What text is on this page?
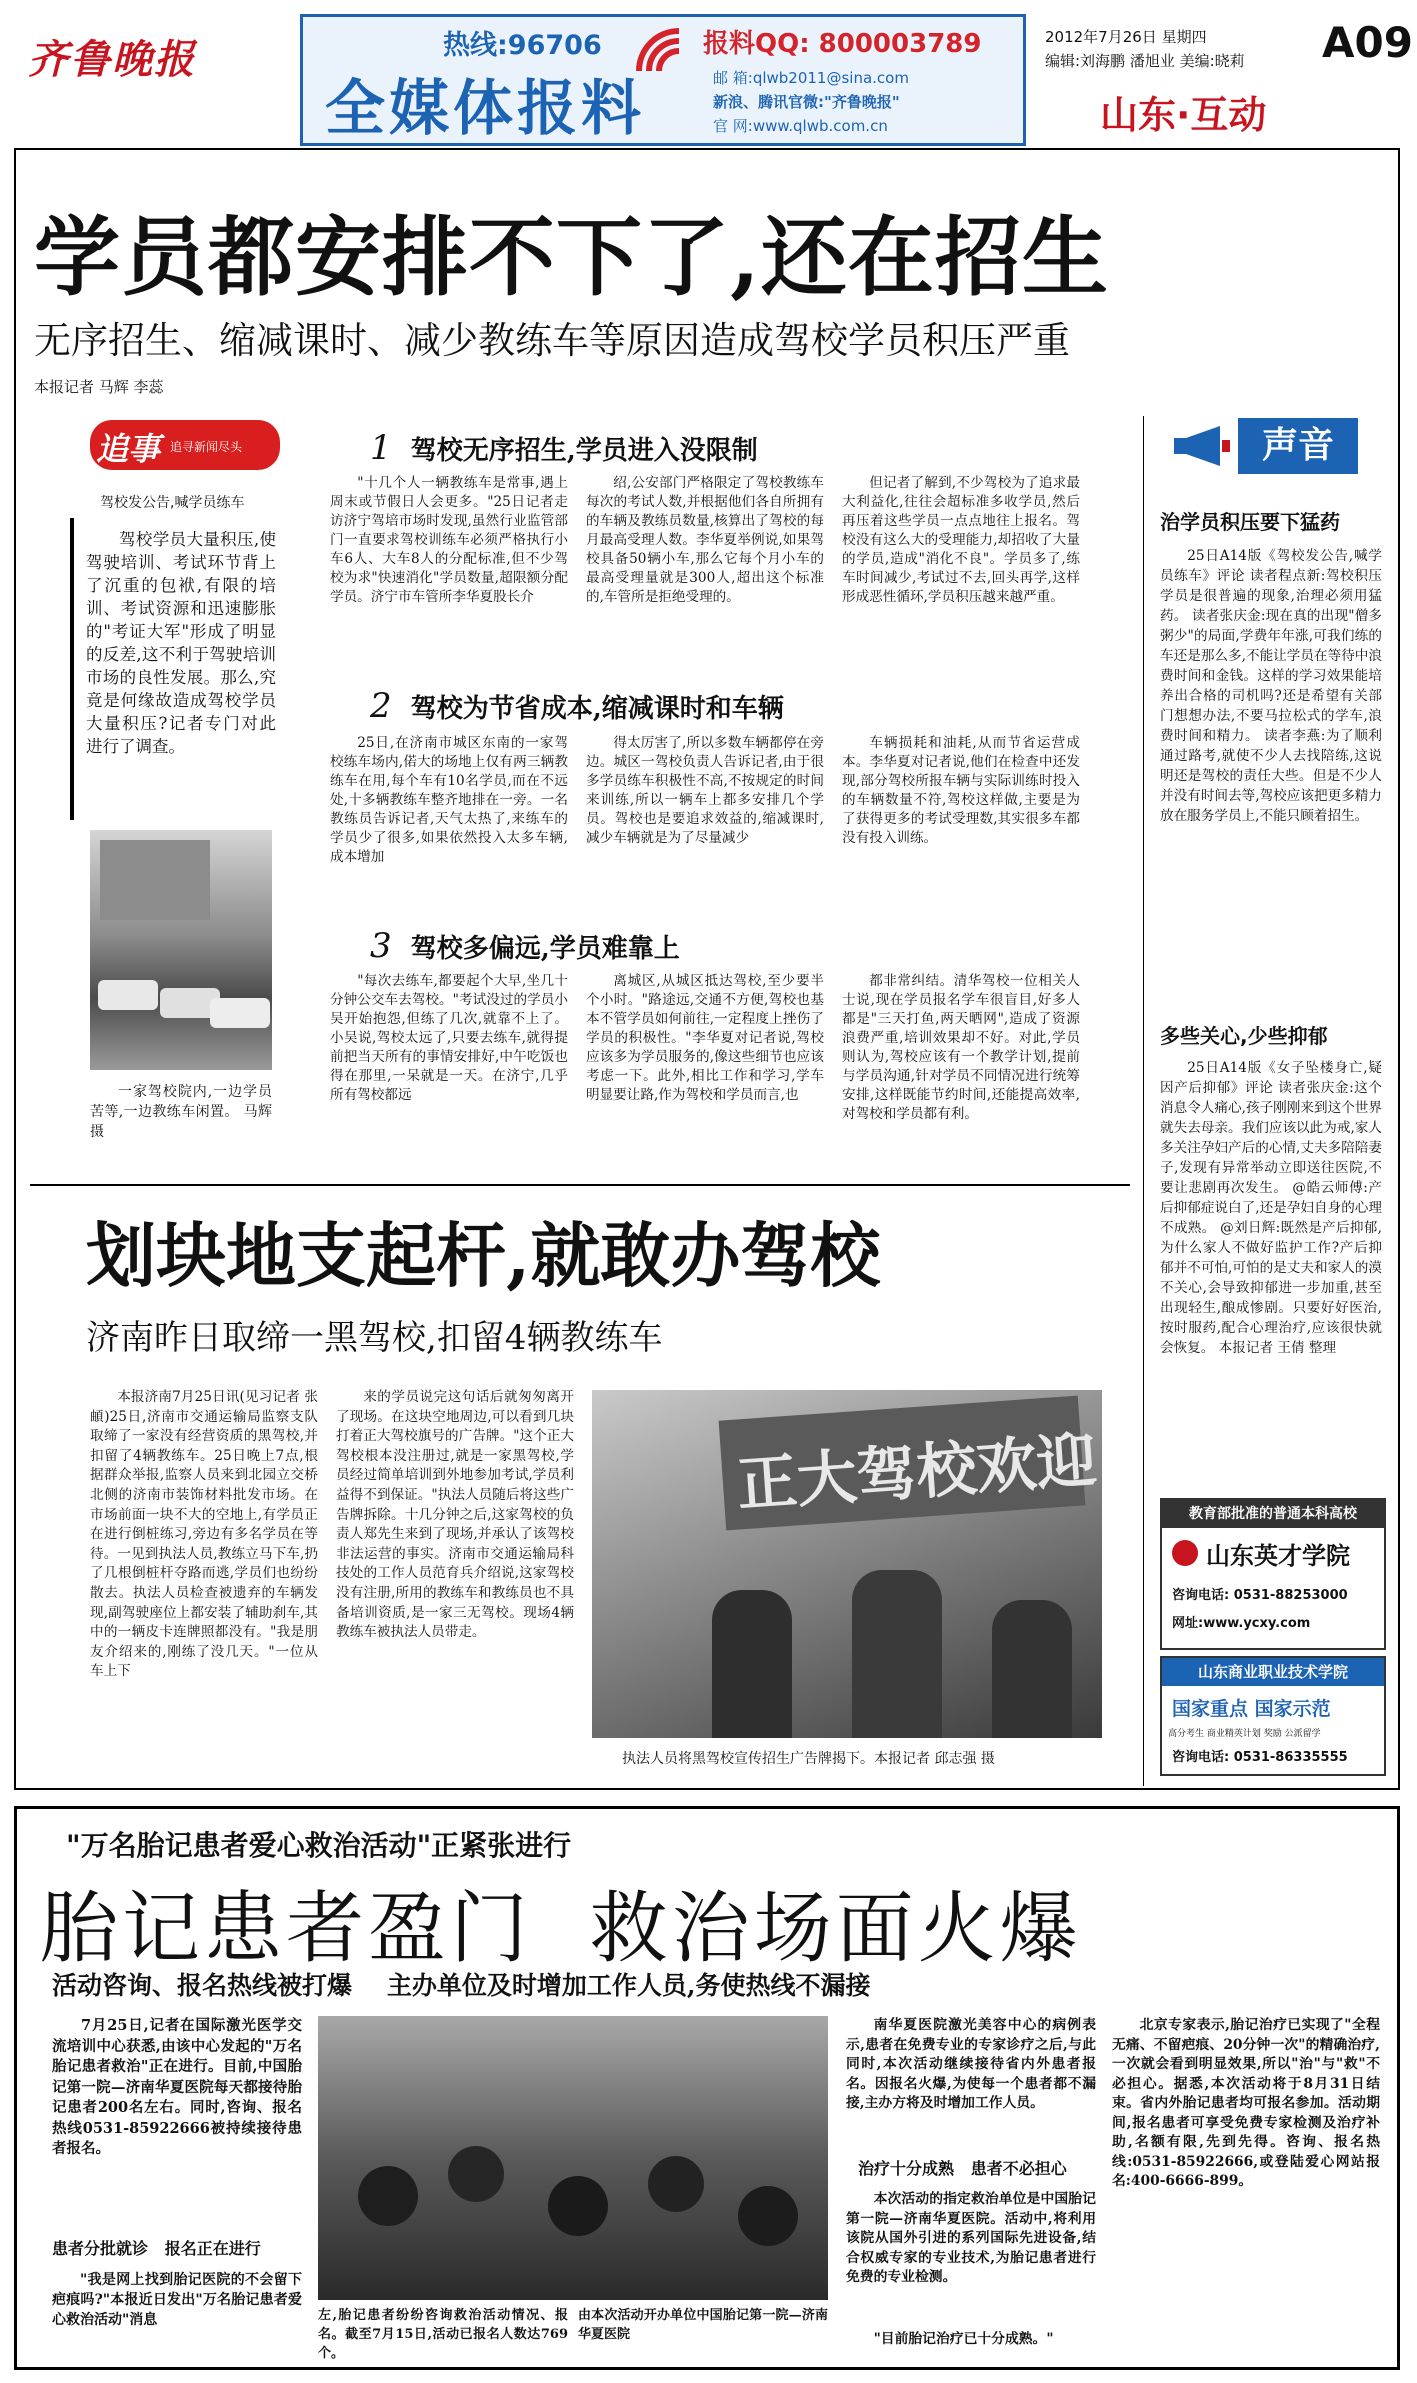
齐鲁晚报	热线:96706
全媒体报料
报料QQ: 800003789
邮 箱:qlwb2011@sina.com
新浪、腾讯官微:"齐鲁晚报"
官 网:www.qlwb.com.cn
2012年7月26日 星期四
编辑:刘海鹏 潘旭业 美编:晓莉 A09
山东·互动
学员都安排不下了,还在招生
无序招生、缩减课时、减少教练车等原因造成驾校学员积压严重
本报记者 马辉 李蕊
追事 追寻新闻尽头
驾校发公告,喊学员练车
驾校学员大量积压,使驾驶培训、考试环节背上了沉重的包袱,有限的培训、考试资源和迅速膨胀的"考证大军"形成了明显的反差,这不利于驾驶培训市场的良性发展。那么,究竟是何缘故造成驾校学员大量积压?记者专门对此进行了调查。
一家驾校院内,一边学员苦等,一边教练车闲置。 马辉 摄
1 驾校无序招生,学员进入没限制
"十几个人一辆教练车是常事,遇上周末或节假日人会更多。"25日记者走访济宁驾培市场时发现,虽然行业监管部门一直要求驾校训练车必须严格执行小车6人、大车8人的分配标准,但不少驾校为求"快速消化"学员数量,超限额分配学员。济宁市车管所李华夏股长介
绍,公安部门严格限定了驾校教练车每次的考试人数,并根据他们各自所拥有的车辆及教练员数量,核算出了驾校的每月最高受理人数。李华夏举例说,如果驾校具备50辆小车,那么它每个月小车的最高受理量就是300人,超出这个标准的,车管所是拒绝受理的。
但记者了解到,不少驾校为了追求最大利益化,往往会超标准多收学员,然后再压着这些学员一点点地往上报名。驾校没有这么大的受理能力,却招收了大量的学员,造成"消化不良"。学员多了,练车时间减少,考试过不去,回头再学,这样形成恶性循环,学员积压越来越严重。
2 驾校为节省成本,缩减课时和车辆
25日,在济南市城区东南的一家驾校练车场内,偌大的场地上仅有两三辆教练车在用,每个车有10名学员,而在不远处,十多辆教练车整齐地排在一旁。一名教练员告诉记者,天气太热了,来练车的学员少了很多,如果依然投入太多车辆,成本增加
得太厉害了,所以多数车辆都停在旁边。城区一驾校负责人告诉记者,由于很多学员练车积极性不高,不按规定的时间来训练,所以一辆车上都多安排几个学员。驾校也是要追求效益的,缩减课时,减少车辆就是为了尽量减少
车辆损耗和油耗,从而节省运营成本。李华夏对记者说,他们在检查中还发现,部分驾校所报车辆与实际训练时投入的车辆数量不符,驾校这样做,主要是为了获得更多的考试受理数,其实很多车都没有投入训练。
3 驾校多偏远,学员难靠上
"每次去练车,都要起个大早,坐几十分钟公交车去驾校。"考试没过的学员小吴开始抱怨,但练了几次,就靠不上了。小吴说,驾校太远了,只要去练车,就得提前把当天所有的事情安排好,中午吃饭也得在那里,一呆就是一天。在济宁,几乎所有驾校都远
离城区,从城区抵达驾校,至少要半个小时。"路途远,交通不方便,驾校也基本不管学员如何前往,一定程度上挫伤了学员的积极性。"李华夏对记者说,驾校应该多为学员服务的,像这些细节也应该考虑一下。此外,相比工作和学习,学车明显要让路,作为驾校和学员而言,也
都非常纠结。清华驾校一位相关人士说,现在学员报名学车很盲目,好多人都是"三天打鱼,两天晒网",造成了资源浪费严重,培训效果却不好。对此,学员则认为,驾校应该有一个教学计划,提前与学员沟通,针对学员不同情况进行统筹安排,这样既能节约时间,还能提高效率,对驾校和学员都有利。
声音
治学员积压要下猛药
25日A14版《驾校发公告,喊学员练车》评论 读者程点新:驾校积压学员是很普遍的现象,治理必须用猛药。 读者张庆金:现在真的出现"僧多粥少"的局面,学费年年涨,可我们练的车还是那么多,不能让学员在等待中浪费时间和金钱。这样的学习效果能培养出合格的司机吗?还是希望有关部门想想办法,不要马拉松式的学车,浪费时间和精力。 读者李燕:为了顺利通过路考,就使不少人去找陪练,这说明还是驾校的责任大些。但是不少人并没有时间去等,驾校应该把更多精力放在服务学员上,不能只顾着招生。
多些关心,少些抑郁
25日A14版《女子坠楼身亡,疑因产后抑郁》评论 读者张庆金:这个消息令人痛心,孩子刚刚来到这个世界就失去母亲。我们应该以此为戒,家人多关注孕妇产后的心情,丈夫多陪陪妻子,发现有异常举动立即送往医院,不要让悲剧再次发生。 @皓云师傅:产后抑郁症说白了,还是孕妇自身的心理不成熟。 @刘日辉:既然是产后抑郁,为什么家人不做好监护工作?产后抑郁并不可怕,可怕的是丈夫和家人的漠不关心,会导致抑郁进一步加重,甚至出现轻生,酿成惨剧。只要好好医治,按时服药,配合心理治疗,应该很快就会恢复。 本报记者 王倩 整理
教育部批准的普通本科高校
山东英才学院
咨询电话: 0531-88253000
网址:www.ycxy.com
山东商业职业技术学院
国家重点 国家示范
高分考生 商业精英计划 奖励 公派留学
咨询电话: 0531-86335555
划块地支起杆,就敢办驾校
济南昨日取缔一黑驾校,扣留4辆教练车
本报济南7月25日讯(见习记者 张頔)25日,济南市交通运输局监察支队取缔了一家没有经营资质的黑驾校,并扣留了4辆教练车。25日晚上7点,根据群众举报,监察人员来到北园立交桥北侧的济南市装饰材料批发市场。在市场前面一块不大的空地上,有学员正在进行倒桩练习,旁边有多名学员在等待。一见到执法人员,教练立马下车,扔了几根倒桩杆夺路而逃,学员们也纷纷散去。执法人员检查被遗弃的车辆发现,副驾驶座位上都安装了辅助刹车,其中的一辆皮卡连牌照都没有。"我是朋友介绍来的,刚练了没几天。"一位从车上下
来的学员说完这句话后就匆匆离开了现场。在这块空地周边,可以看到几块打着正大驾校旗号的广告牌。"这个正大驾校根本没注册过,就是一家黑驾校,学员经过简单培训到外地参加考试,学员利益得不到保证。"执法人员随后将这些广告牌拆除。十几分钟之后,这家驾校的负责人郑先生来到了现场,并承认了该驾校非法运营的事实。济南市交通运输局科技处的工作人员范育兵介绍说,这家驾校没有注册,所用的教练车和教练员也不具备培训资质,是一家三无驾校。现场4辆教练车被执法人员带走。
正大驾校欢迎
执法人员将黑驾校宣传招生广告牌揭下。本报记者 邱志强 摄
"万名胎记患者爱心救治活动"正紧张进行
胎记患者盈门  救治场面火爆
活动咨询、报名热线被打爆    主办单位及时增加工作人员,务使热线不漏接
7月25日,记者在国际激光医学交流培训中心获悉,由该中心发起的"万名胎记患者救治"正在进行。目前,中国胎记第一院—济南华夏医院每天都接待胎记患者200名左右。同时,咨询、报名热线0531-85922666被持续接待患者报名。
患者分批就诊   报名正在进行
"我是网上找到胎记医院的不会留下疤痕吗?"本报近日发出"万名胎记患者爱心救治活动"消息	左,胎记患者纷纷咨询救治活动情况、报名。截至7月15日,活动已报名人数达769个。
由本次活动开办单位中国胎记第一院—济南华夏医院
南华夏医院激光美容中心的病例表示,患者在免费专业的专家诊疗之后,与此同时,本次活动继续接待省内外患者报名。因报名火爆,为使每一个患者都不漏接,主办方将及时增加工作人员。
治疗十分成熟   患者不必担心
本次活动的指定救治单位是中国胎记第一院—济南华夏医院。活动中,将利用该院从国外引进的系列国际先进设备,结合权威专家的专业技术,为胎记患者进行免费的专业检测。
"目前胎记治疗已十分成熟。"
北京专家表示,胎记治疗已实现了"全程无痛、不留疤痕、20分钟一次"的精确治疗,一次就会看到明显效果,所以"治"与"救"不必担心。据悉,本次活动将于8月31日结束。省内外胎记患者均可报名参加。活动期间,报名患者可享受免费专家检测及治疗补助,名额有限,先到先得。咨询、报名热线:0531-85922666,或登陆爱心网站报名:400-6666-899。
